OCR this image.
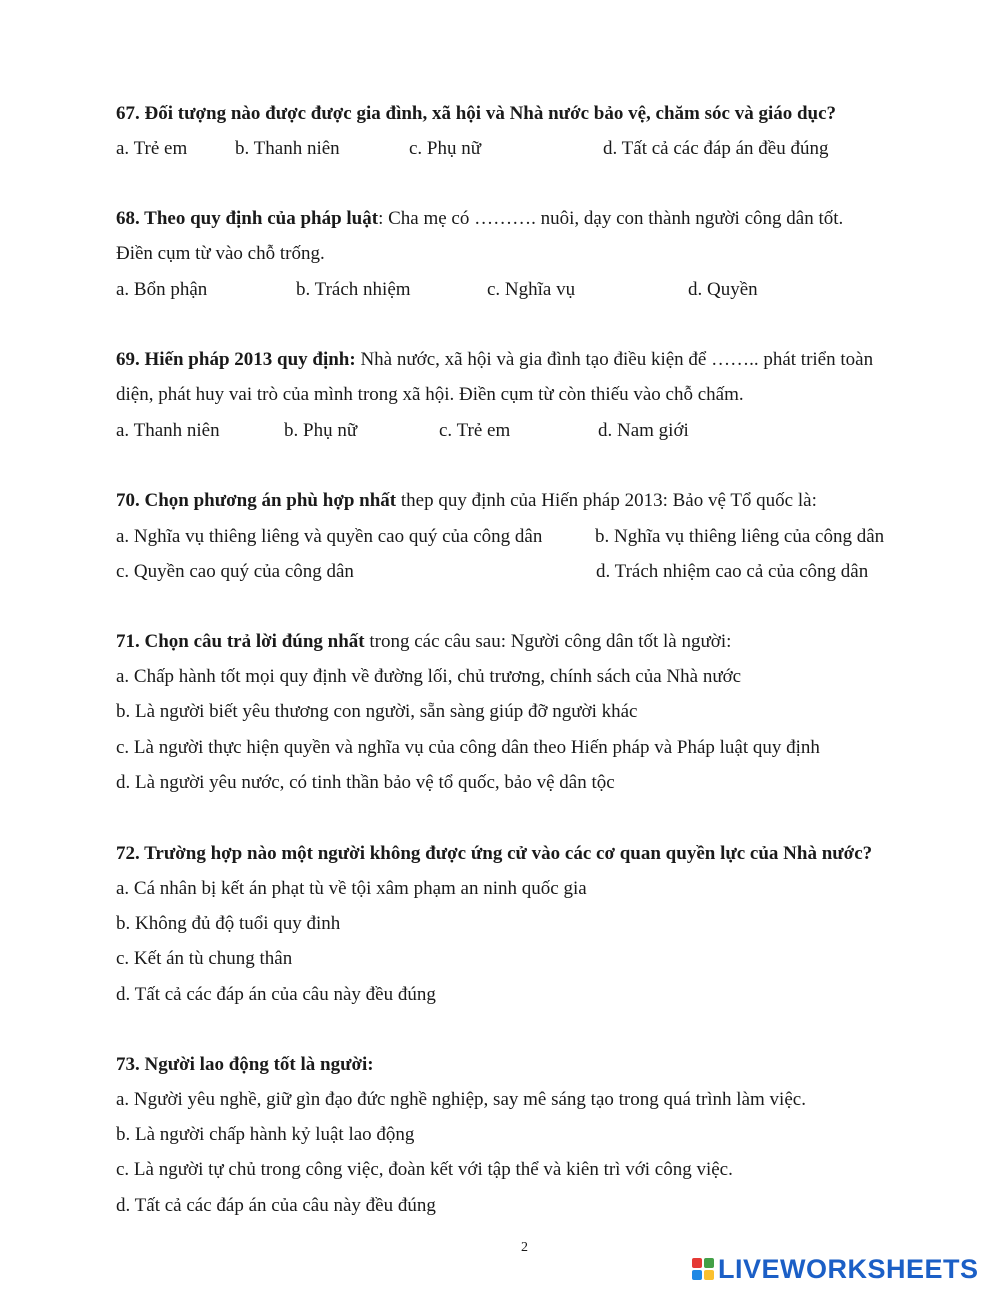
67. Đối tượng nào được được gia đình, xã hội và Nhà nước bảo vệ, chăm sóc và giáo dục?
a. Trẻ em	b. Thanh niên	c. Phụ nữ	d. Tất cả các đáp án đều đúng
68. Theo quy định của pháp luật: Cha mẹ có ………. nuôi, dạy con thành người công dân tốt.
Điền cụm từ vào chỗ trống.
a. Bổn phận	b. Trách nhiệm	c. Nghĩa vụ	d. Quyền
69. Hiến pháp 2013 quy định: Nhà nước, xã hội và gia đình tạo điều kiện để …….. phát triển toàn
diện, phát huy vai trò của mình trong xã hội. Điền cụm từ còn thiếu vào chỗ chấm.
a. Thanh niên	b. Phụ nữ	c. Trẻ em	d. Nam giới
70. Chọn phương án phù hợp nhất thep quy định của Hiến pháp 2013: Bảo vệ Tổ quốc là:
a. Nghĩa vụ thiêng liêng và quyền cao quý của công dân	b. Nghĩa vụ thiêng liêng của công dân
c. Quyền cao quý của công dân	d. Trách nhiệm cao cả của công dân
71. Chọn câu trả lời đúng nhất trong các câu sau: Người công dân tốt là người:
a. Chấp hành tốt mọi quy định về đường lối, chủ trương, chính sách của Nhà nước
b. Là người biết yêu thương con người, sẵn sàng giúp đỡ người khác
c. Là người thực hiện quyền và nghĩa vụ của công dân theo Hiến pháp và Pháp luật quy định
d. Là người yêu nước, có tinh thần bảo vệ tổ quốc, bảo vệ dân tộc
72. Trường hợp nào một người không được ứng cử vào các cơ quan quyền lực của Nhà nước?
a. Cá nhân bị kết án phạt tù về tội xâm phạm an ninh quốc gia
b. Không đủ độ tuổi quy đinh
c. Kết án tù chung thân
d. Tất cả các đáp án của câu này đều đúng
73. Người lao động tốt là người:
a. Người yêu nghề, giữ gìn đạo đức nghề nghiệp, say mê sáng tạo trong quá trình làm việc.
b. Là người chấp hành kỷ luật lao động
c. Là người tự chủ trong công việc, đoàn kết với tập thể và kiên trì với công việc.
d. Tất cả các đáp án của câu này đều đúng
2
LIVEWORKSHEETS
